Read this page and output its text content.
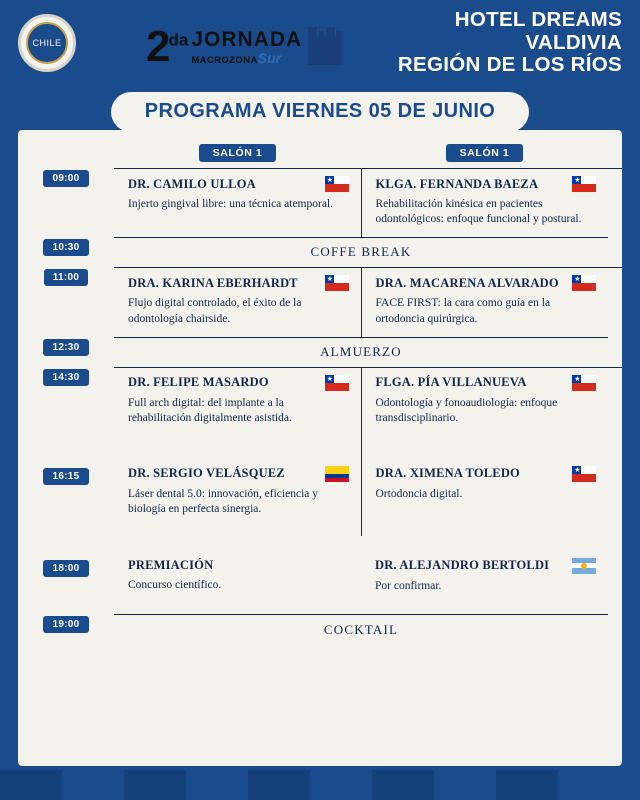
CHILE $2^{da}$ JORNADA
MACROZONASur
HOTEL DREAMS
VALDIVIA
REGIÓN DE LOS RÍOS
PROGRAMA VIERNES 05 DE JUNIO
SALÓN 1	SALÓN 1
09:00	DR. CAMILO ULLOA	★
Injerto gingival libre: una técnica atemporal.
KLGA. FERNANDA BAEZA	★
Rehabilitación kinésica en pacientes odontológicos: enfoque funcional y postural.
10:30	COFFE BREAK
11:00	DRA. KARINA EBERHARDT	★
Flujo digital controlado, el éxito de la odontología chairside.
DRA. MACARENA ALVARADO ★
FACE FIRST: la cara como guía en la ortodoncia quirúrgica.
12:30	ALMUERZO
14:30	DR. FELIPE MASARDO	★
Full arch digital: del implante a la rehabilitación digitalmente asistida.
FLGA. PÍA VILLANUEVA	★
Odontología y fonoaudiología: enfoque transdisciplinario.
16:15	DR. SERGIO VELÁSQUEZ
Láser dental 5.0: innovación, eficiencia y biología en perfecta sinergia.
DRA. XIMENA TOLEDO	★
Ortodoncia digital.
18:00	PREMIACIÓN
Concurso científico.
DR. ALEJANDRO BERTOLDI
Por confirmar.
19:00	COCKTAIL
